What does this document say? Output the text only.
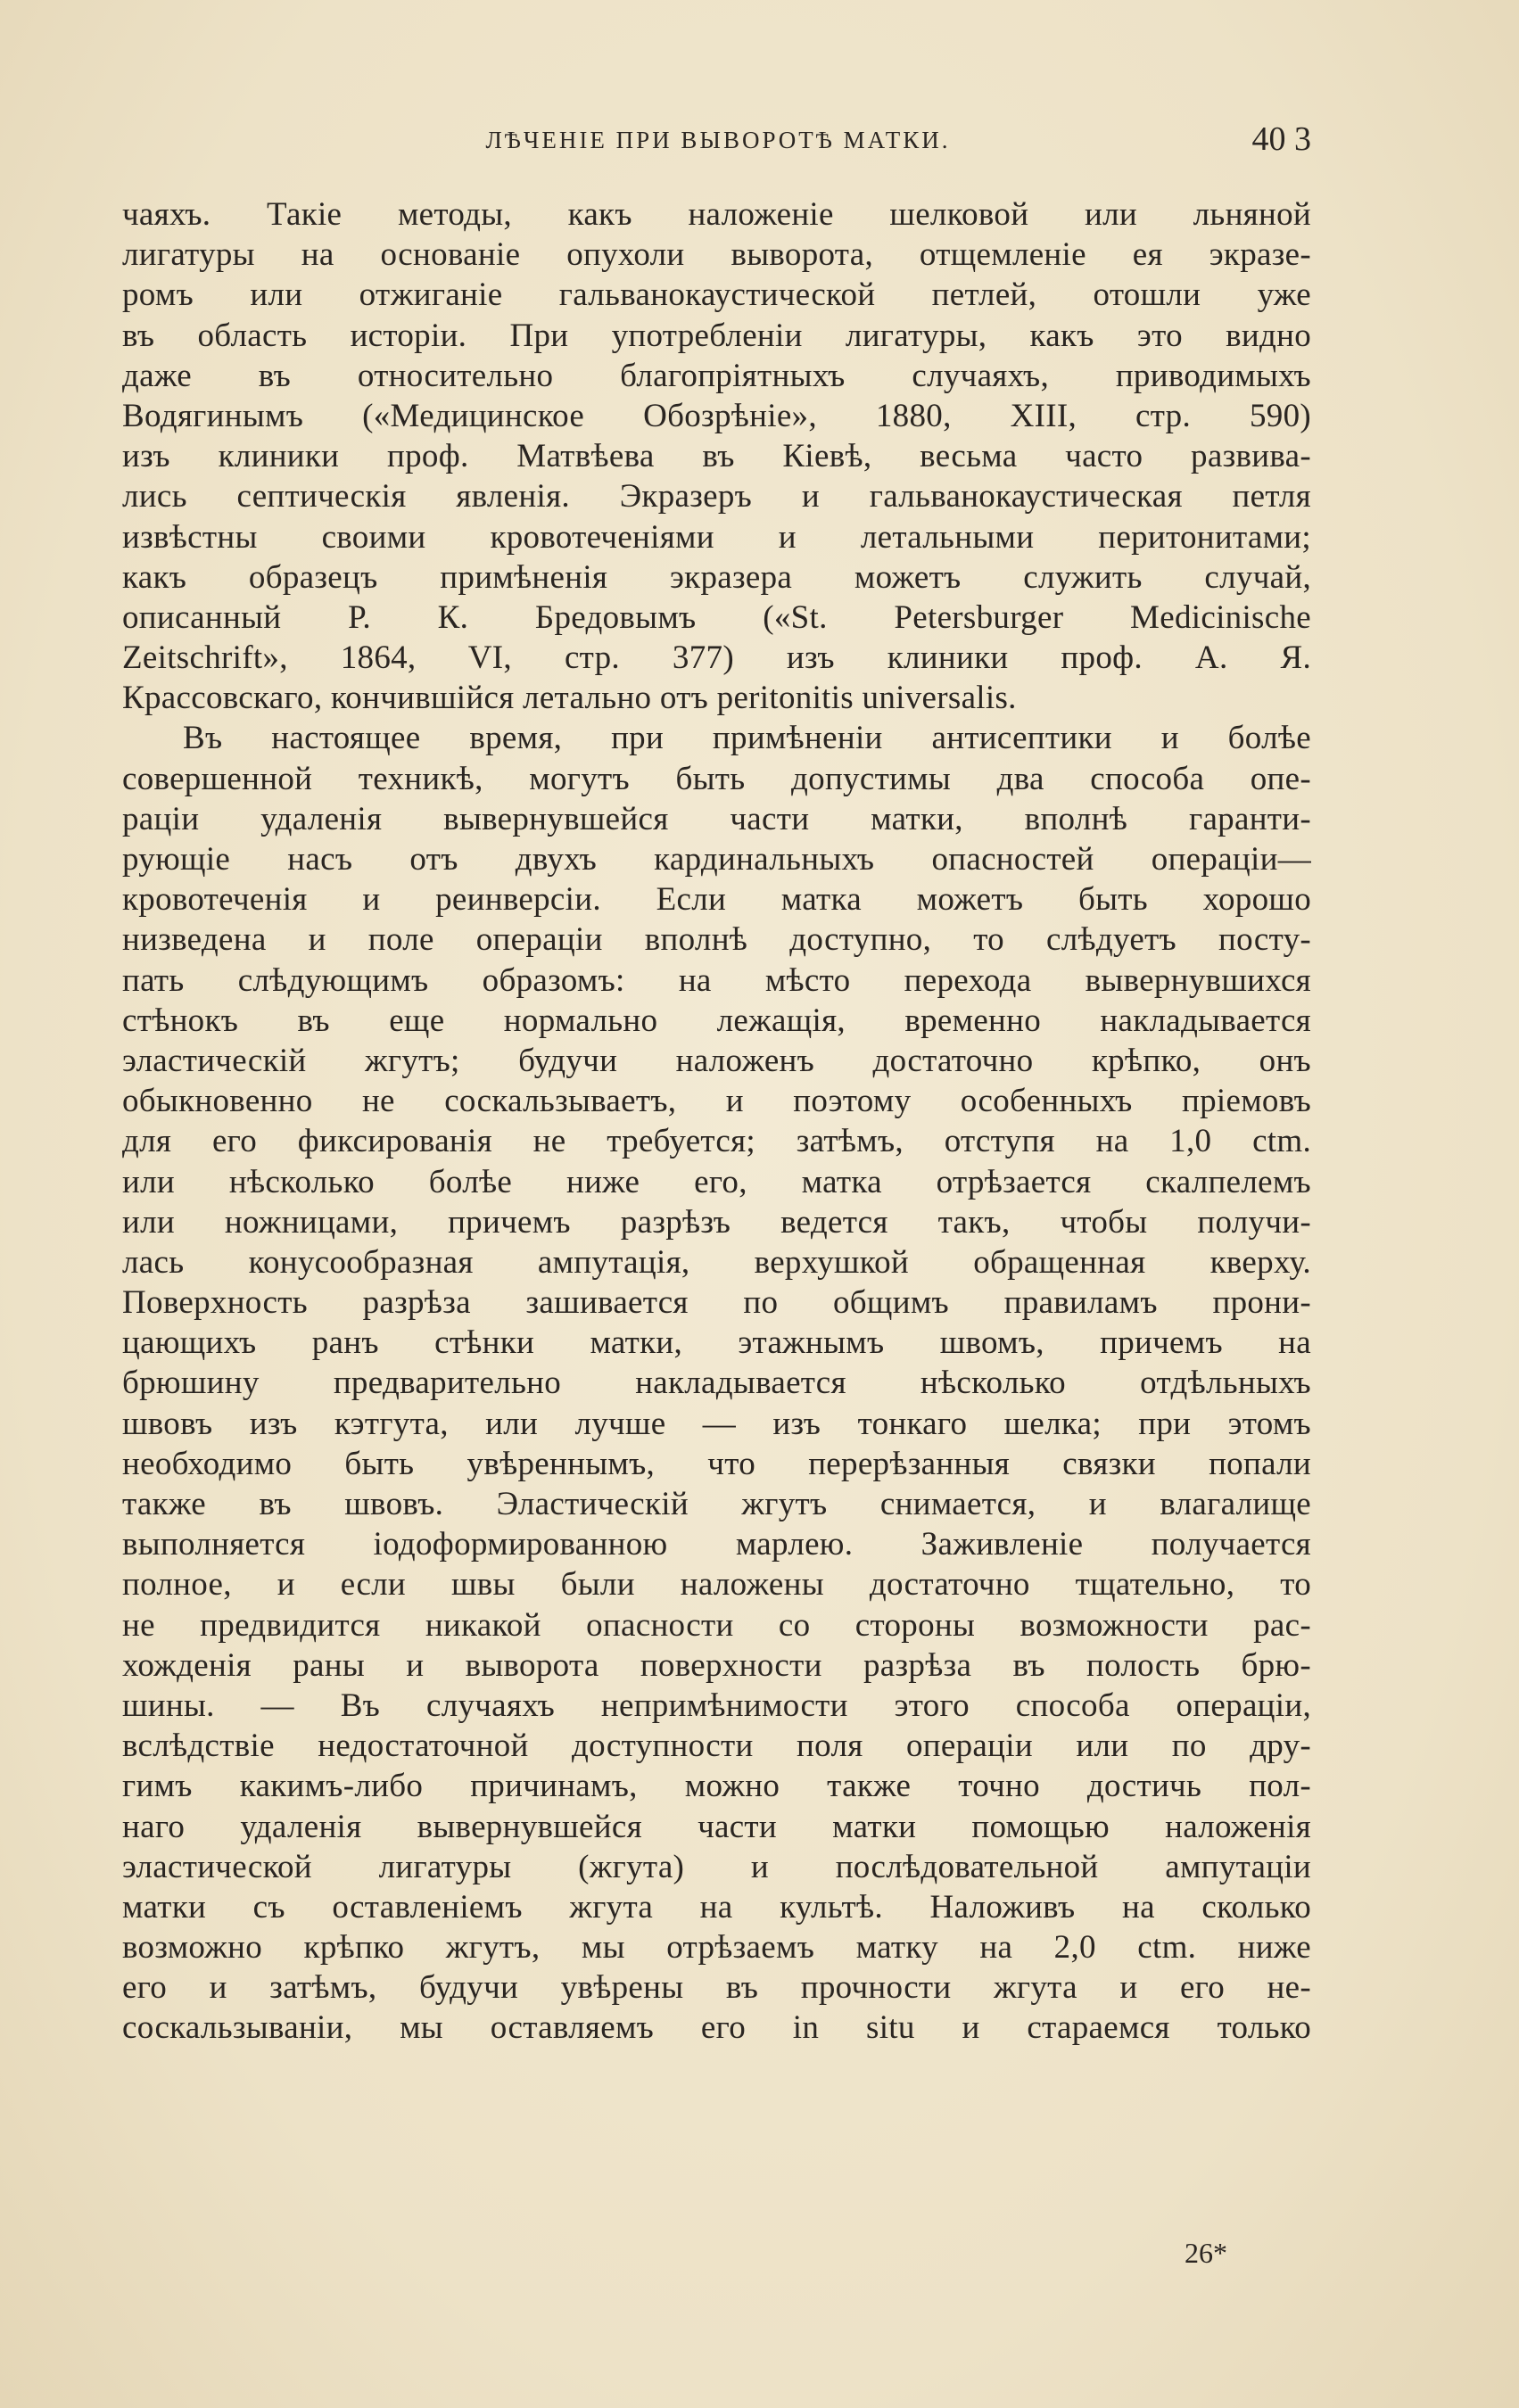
ЛѢЧЕНІЕ ПРИ ВЫВОРОТѢ МАТКИ.	40 3
чаяхъ. Такіе методы, какъ наложеніе шелковой или льняной
лигатуры на основаніе опухоли выворота, отщемленіе ея экразе-
ромъ или отжиганіе гальванокаустической петлей, отошли уже
въ область исторіи. При употребленіи лигатуры, какъ это видно
даже въ относительно благопріятныхъ случаяхъ, приводимыхъ
Водягинымъ («Медицинское Обозрѣніе», 1880, XIII, стр. 590)
изъ клиники проф. Матвѣева въ Кіевѣ, весьма часто развива-
лись септическія явленія. Экразеръ и гальванокаустическая петля
извѣстны своими кровотеченіями и летальными перитонитами;
какъ образецъ примѣненія экразера можетъ служить случай,
описанный Р. К. Бредовымъ («St. Petersburger Medicinische
Zeitschrift», 1864, VI, стр. 377) изъ клиники проф. А. Я.
Крассовскаго, кончившійся летально отъ peritonitis universalis.
Въ настоящее время, при примѣненіи антисептики и болѣе
совершенной техникѣ, могутъ быть допустимы два способа опе-
раціи удаленія вывернувшейся части матки, вполнѣ гаранти-
рующіе насъ отъ двухъ кардинальныхъ опасностей операціи—
кровотеченія и реинверсіи. Если матка можетъ быть хорошо
низведена и поле операціи вполнѣ доступно, то слѣдуетъ посту-
пать слѣдующимъ образомъ: на мѣсто перехода вывернувшихся
стѣнокъ въ еще нормально лежащія, временно накладывается
эластическій жгутъ; будучи наложенъ достаточно крѣпко, онъ
обыкновенно не соскальзываетъ, и поэтому особенныхъ пріемовъ
для его фиксированія не требуется; затѣмъ, отступя на 1,0 ctm.
или нѣсколько болѣе ниже его, матка отрѣзается скалпелемъ
или ножницами, причемъ разрѣзъ ведется такъ, чтобы получи-
лась конусообразная ампутація, верхушкой обращенная кверху.
Поверхность разрѣза зашивается по общимъ правиламъ прони-
цающихъ ранъ стѣнки матки, этажнымъ швомъ, причемъ на
брюшину предварительно накладывается нѣсколько отдѣльныхъ
швовъ изъ кэтгута, или лучше — изъ тонкаго шелка; при этомъ
необходимо быть увѣреннымъ, что перерѣзанныя связки попали
также въ швовъ. Эластическій жгутъ снимается, и влагалище
выполняется іодоформированною марлею. Заживленіе получается
полное, и если швы были наложены достаточно тщательно, то
не предвидится никакой опасности со стороны возможности рас-
хожденія раны и выворота поверхности разрѣза въ полость брю-
шины. — Въ случаяхъ непримѣнимости этого способа операціи,
вслѣдствіе недостаточной доступности поля операціи или по дру-
гимъ какимъ-либо причинамъ, можно также точно достичь пол-
наго удаленія вывернувшейся части матки помощью наложенія
эластической лигатуры (жгута) и послѣдовательной ампутаціи
матки съ оставленіемъ жгута на культѣ. Наложивъ на сколько
возможно крѣпко жгутъ, мы отрѣзаемъ матку на 2,0 ctm. ниже
его и затѣмъ, будучи увѣрены въ прочности жгута и его не-
соскальзываніи, мы оставляемъ его in situ и стараемся только
26*
